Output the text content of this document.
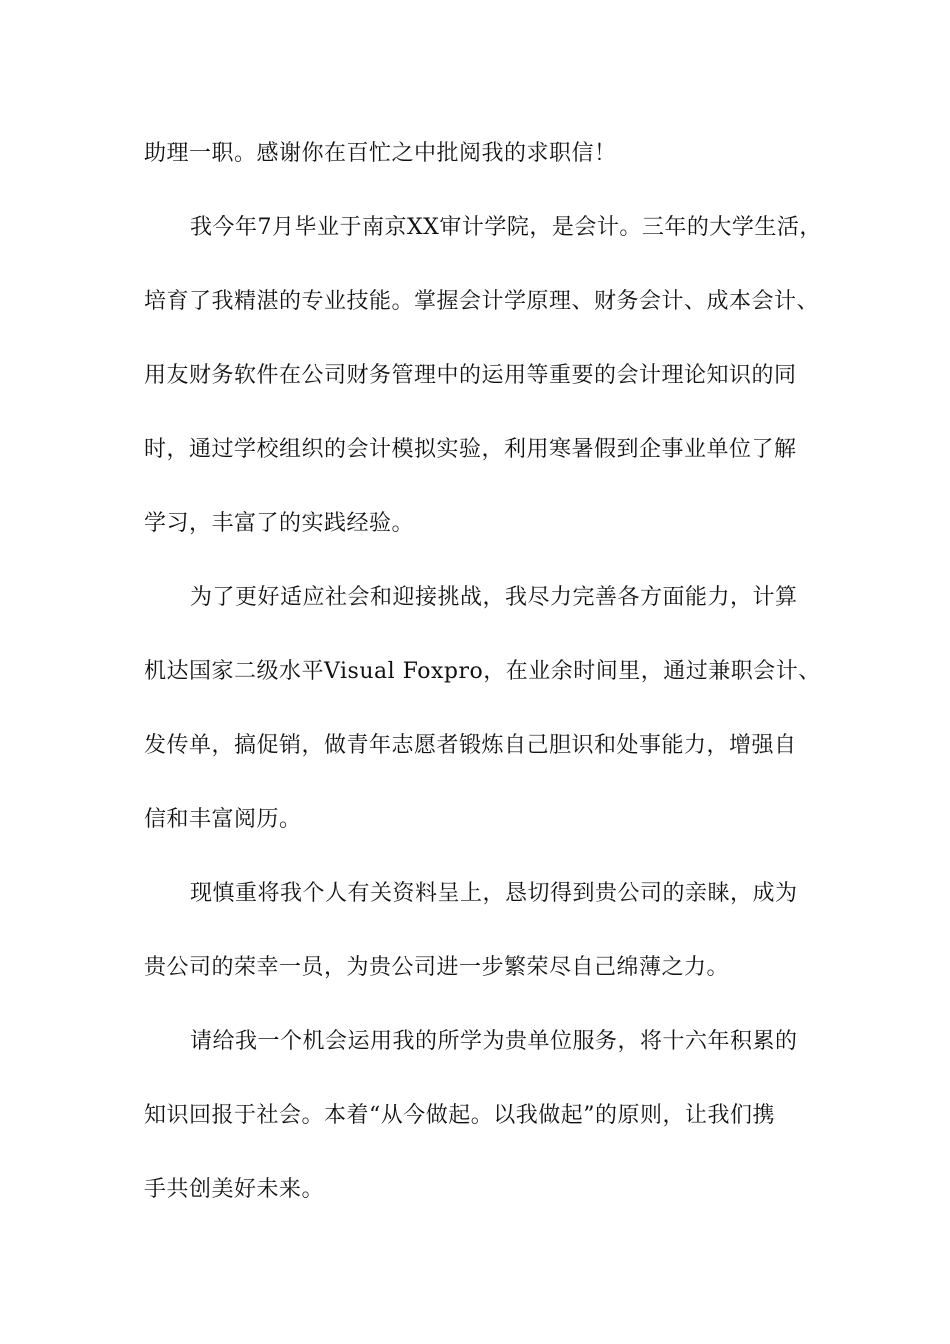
助理一职。感谢你在百忙之中批阅我的求职信！
我今年7月毕业于南京XX审计学院，是会计。三年的大学生活，
培育了我精湛的专业技能。掌握会计学原理、财务会计、成本会计、
用友财务软件在公司财务管理中的运用等重要的会计理论知识的同
时，通过学校组织的会计模拟实验，利用寒暑假到企事业单位了解
学习，丰富了的实践经验。
为了更好适应社会和迎接挑战，我尽力完善各方面能力，计算
机达国家二级水平Visual Foxpro，在业余时间里，通过兼职会计、
发传单，搞促销，做青年志愿者锻炼自己胆识和处事能力，增强自
信和丰富阅历。
现慎重将我个人有关资料呈上，恳切得到贵公司的亲睐，成为
贵公司的荣幸一员，为贵公司进一步繁荣尽自己绵薄之力。
请给我一个机会运用我的所学为贵单位服务，将十六年积累的
知识回报于社会。本着“从今做起。以我做起”的原则，让我们携
手共创美好未来。
